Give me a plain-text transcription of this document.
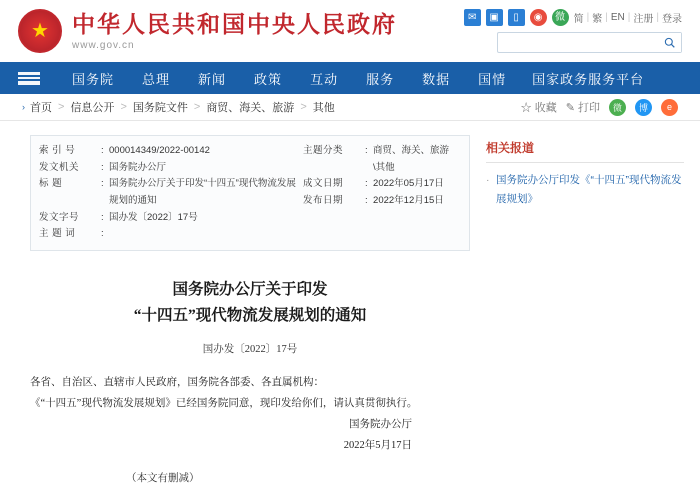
★ 中华人民共和国中央人民政府
www.gov.cn
✉	▣	▯	◉	微 简 | 繁 | EN | 注册 | 登录
国务院	总理	新闻	政策	互动	服务	数据	国情	国家政务服务平台
› 首页 > 信息公开 > 国务院文件 > 商贸、海关、旅游 > 其他	☆ 收藏 ✎ 打印	微	博	e
索 引 号	: 000014349/2022-00142
发文机关	: 国务院办公厅
标 题	: 国务院办公厅关于印发“十四五”现代物流发展规划的通知
发文字号	: 国办发〔2022〕17号
主 题 词	:
主题分类	: 商贸、海关、旅游\其他
成文日期	: 2022年05月17日
发布日期	: 2022年12月15日
国务院办公厅关于印发
“十四五”现代物流发展规划的通知
国办发〔2022〕17号

各省、自治区、直辖市人民政府，国务院各部委、各直属机构：

《“十四五”现代物流发展规划》已经国务院同意，现印发给你们，请认真贯彻执行。

国务院办公厅

2022年5月17日

（本文有删减）
相关报道
· 国务院办公厅印发《“十四五”现代物流发展规划》
